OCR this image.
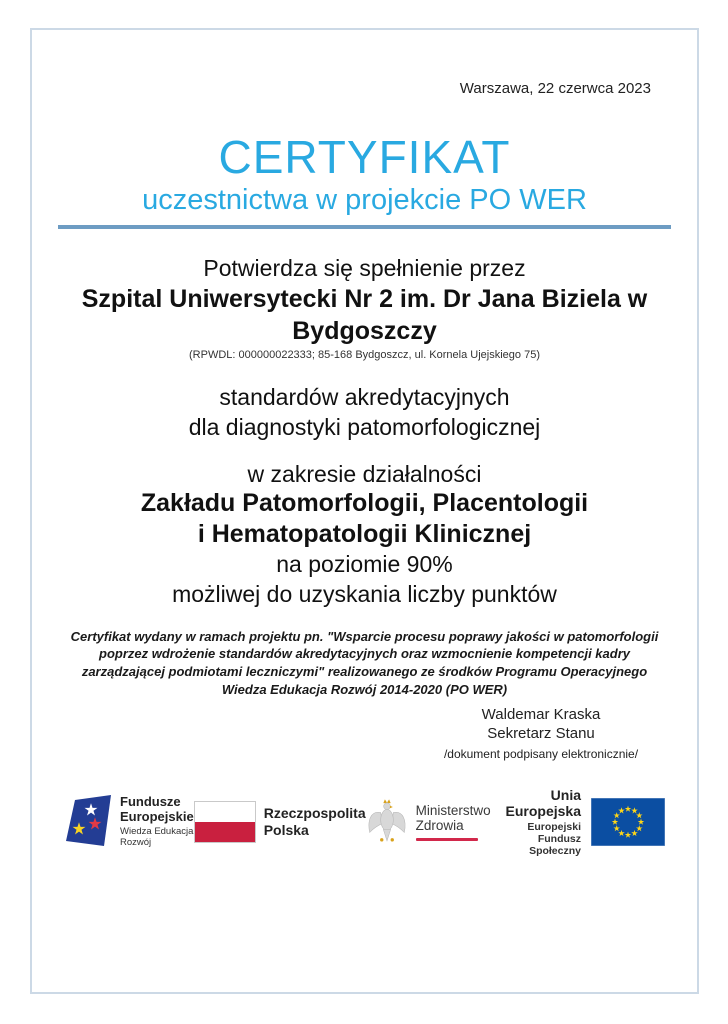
Warszawa, 22 czerwca 2023
CERTYFIKAT
uczestnictwa w projekcie PO WER
Potwierdza się spełnienie przez
Szpital Uniwersytecki Nr 2 im. Dr Jana Biziela w Bydgoszczy
(RPWDL: 000000022333; 85-168 Bydgoszcz, ul. Kornela Ujejskiego 75)
standardów akredytacyjnych
dla diagnostyki patomorfologicznej
w zakresie działalności
Zakładu Patomorfologii, Placentologii
i Hematopatologii Klinicznej
na poziomie 90%
możliwej do uzyskania liczby punktów
Certyfikat wydany w ramach projektu pn. "Wsparcie procesu poprawy jakości w patomorfologii poprzez wdrożenie standardów akredytacyjnych oraz wzmocnienie kompetencji kadry zarządzającej podmiotami leczniczymi" realizowanego ze środków Programu Operacyjnego Wiedza Edukacja Rozwój 2014-2020 (PO WER)
Waldemar Kraska
Sekretarz Stanu
/dokument podpisany elektronicznie/
Fundusze
Europejskie
Wiedza Edukacja Rozwój
Rzeczpospolita
Polska
Ministerstwo
Zdrowia
Unia Europejska
Europejski Fundusz Społeczny
